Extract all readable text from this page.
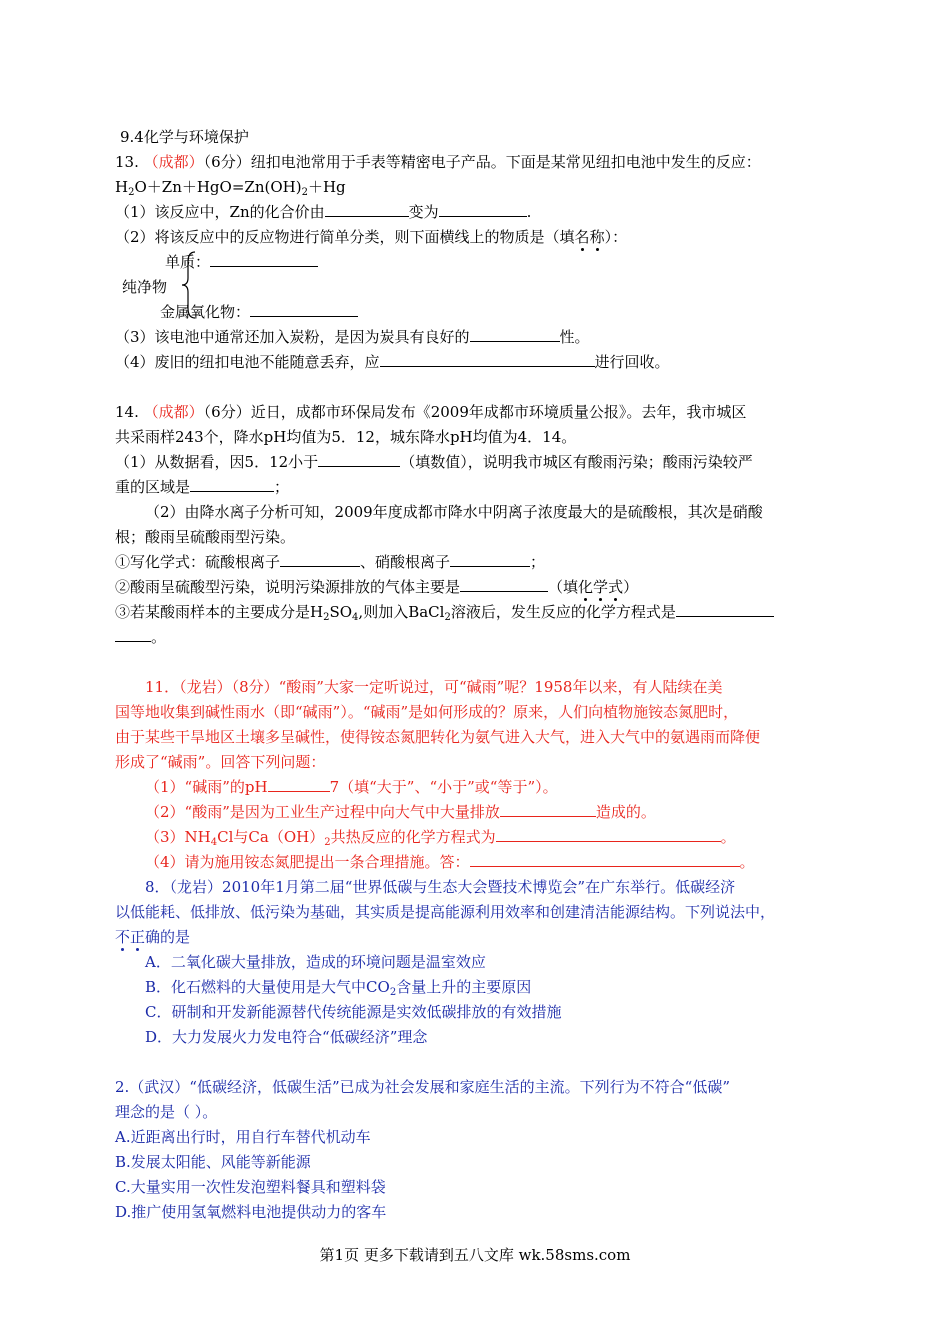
9.4化学与环境保护
13. （成都）（6分）纽扣电池常用于手表等精密电子产品。下面是某常见纽扣电池中发生的反应：
$H_2O+Zn+HgO=Zn(OH)_2+Hg$
（1）该反应中，Zn的化合价由	变为	.
（2）将该反应中的反应物进行简单分类，则下面横线上的物质是（填名称）：
单质：
纯净物
金属氧化物：
（3）该电池中通常还加入炭粉，是因为炭具有良好的	性。
（4）废旧的纽扣电池不能随意丢弃，应	进行回收。
14. （成都）（6分）近日，成都市环保局发布《2009年成都市环境质量公报》。去年，我市城区
共采雨样243个，降水pH均值为5．12，城东降水pH均值为4．14。
（1）从数据看，因5．12小于	（填数值），说明我市城区有酸雨污染；酸雨污染较严
重的区域是	；
（2）由降水离子分析可知，2009年度成都市降水中阴离子浓度最大的是硫酸根，其次是硝酸
根；酸雨呈硫酸雨型污染。
①写化学式：硫酸根离子	、硝酸根离子	；
②酸雨呈硫酸型污染，说明污染源排放的气体主要是	（填化学式）
③若某酸雨样本的主要成分是$H_2SO_4$,则加入BaCl$_2$溶液后，发生反应的化学方程式是
。
11．（龙岩）（8分）“酸雨”大家一定听说过，可“碱雨”呢？1958年以来，有人陆续在美
国等地收集到碱性雨水（即“碱雨”）。“碱雨”是如何形成的？原来，人们向植物施铵态氮肥时，
由于某些干旱地区土壤多呈碱性，使得铵态氮肥转化为氨气进入大气，进入大气中的氨遇雨而降便
形成了“碱雨”。回答下列问题：
（1）“碱雨”的pH	7（填“大于”、“小于”或“等于”）。
（2）“酸雨”是因为工业生产过程中向大气中大量排放	造成的。
$(3)NH_4Cl$与$Ca(OH)_2$共热反应的化学方程式为	。
（4）请为施用铵态氮肥提出一条合理措施。答：	。
8．（龙岩）2010年1月第二届“世界低碳与生态大会暨技术博览会”在广东举行。低碳经济
以低能耗、低排放、低污染为基础，其实质是提高能源利用效率和创建清洁能源结构。下列说法中，
不正确的是
A．二氧化碳大量排放，造成的环境问题是温室效应
B．化石燃料的大量使用是大气中$CO_2$含量上升的主要原因
C．研制和开发新能源替代传统能源是实效低碳排放的有效措施
D．大力发展火力发电符合“低碳经济”理念
2.（武汉）“低碳经济，低碳生活”已成为社会发展和家庭生活的主流。下列行为不符合“低碳”
理念的是（ ）。
A.近距离出行时，用自行车替代机动车
B.发展太阳能、风能等新能源
C.大量实用一次性发泡塑料餐具和塑料袋
D.推广使用氢氧燃料电池提供动力的客车
第1页 更多下载请到五八文库 wk.58sms.com
